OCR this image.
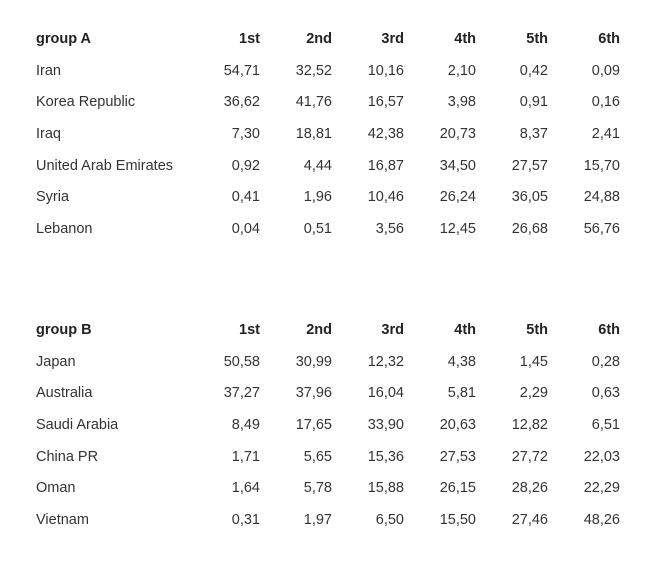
group A	1st	2nd	3rd	4th	5th	6th
Iran	54,71	32,52	10,16	2,10	0,42	0,09
Korea Republic	36,62	41,76	16,57	3,98	0,91	0,16
Iraq	7,30	18,81	42,38	20,73	8,37	2,41
United Arab Emirates	0,92	4,44	16,87	34,50	27,57	15,70
Syria	0,41	1,96	10,46	26,24	36,05	24,88
Lebanon	0,04	0,51	3,56	12,45	26,68	56,76
group B	1st	2nd	3rd	4th	5th	6th
Japan	50,58	30,99	12,32	4,38	1,45	0,28
Australia	37,27	37,96	16,04	5,81	2,29	0,63
Saudi Arabia	8,49	17,65	33,90	20,63	12,82	6,51
China PR	1,71	5,65	15,36	27,53	27,72	22,03
Oman	1,64	5,78	15,88	26,15	28,26	22,29
Vietnam	0,31	1,97	6,50	15,50	27,46	48,26
